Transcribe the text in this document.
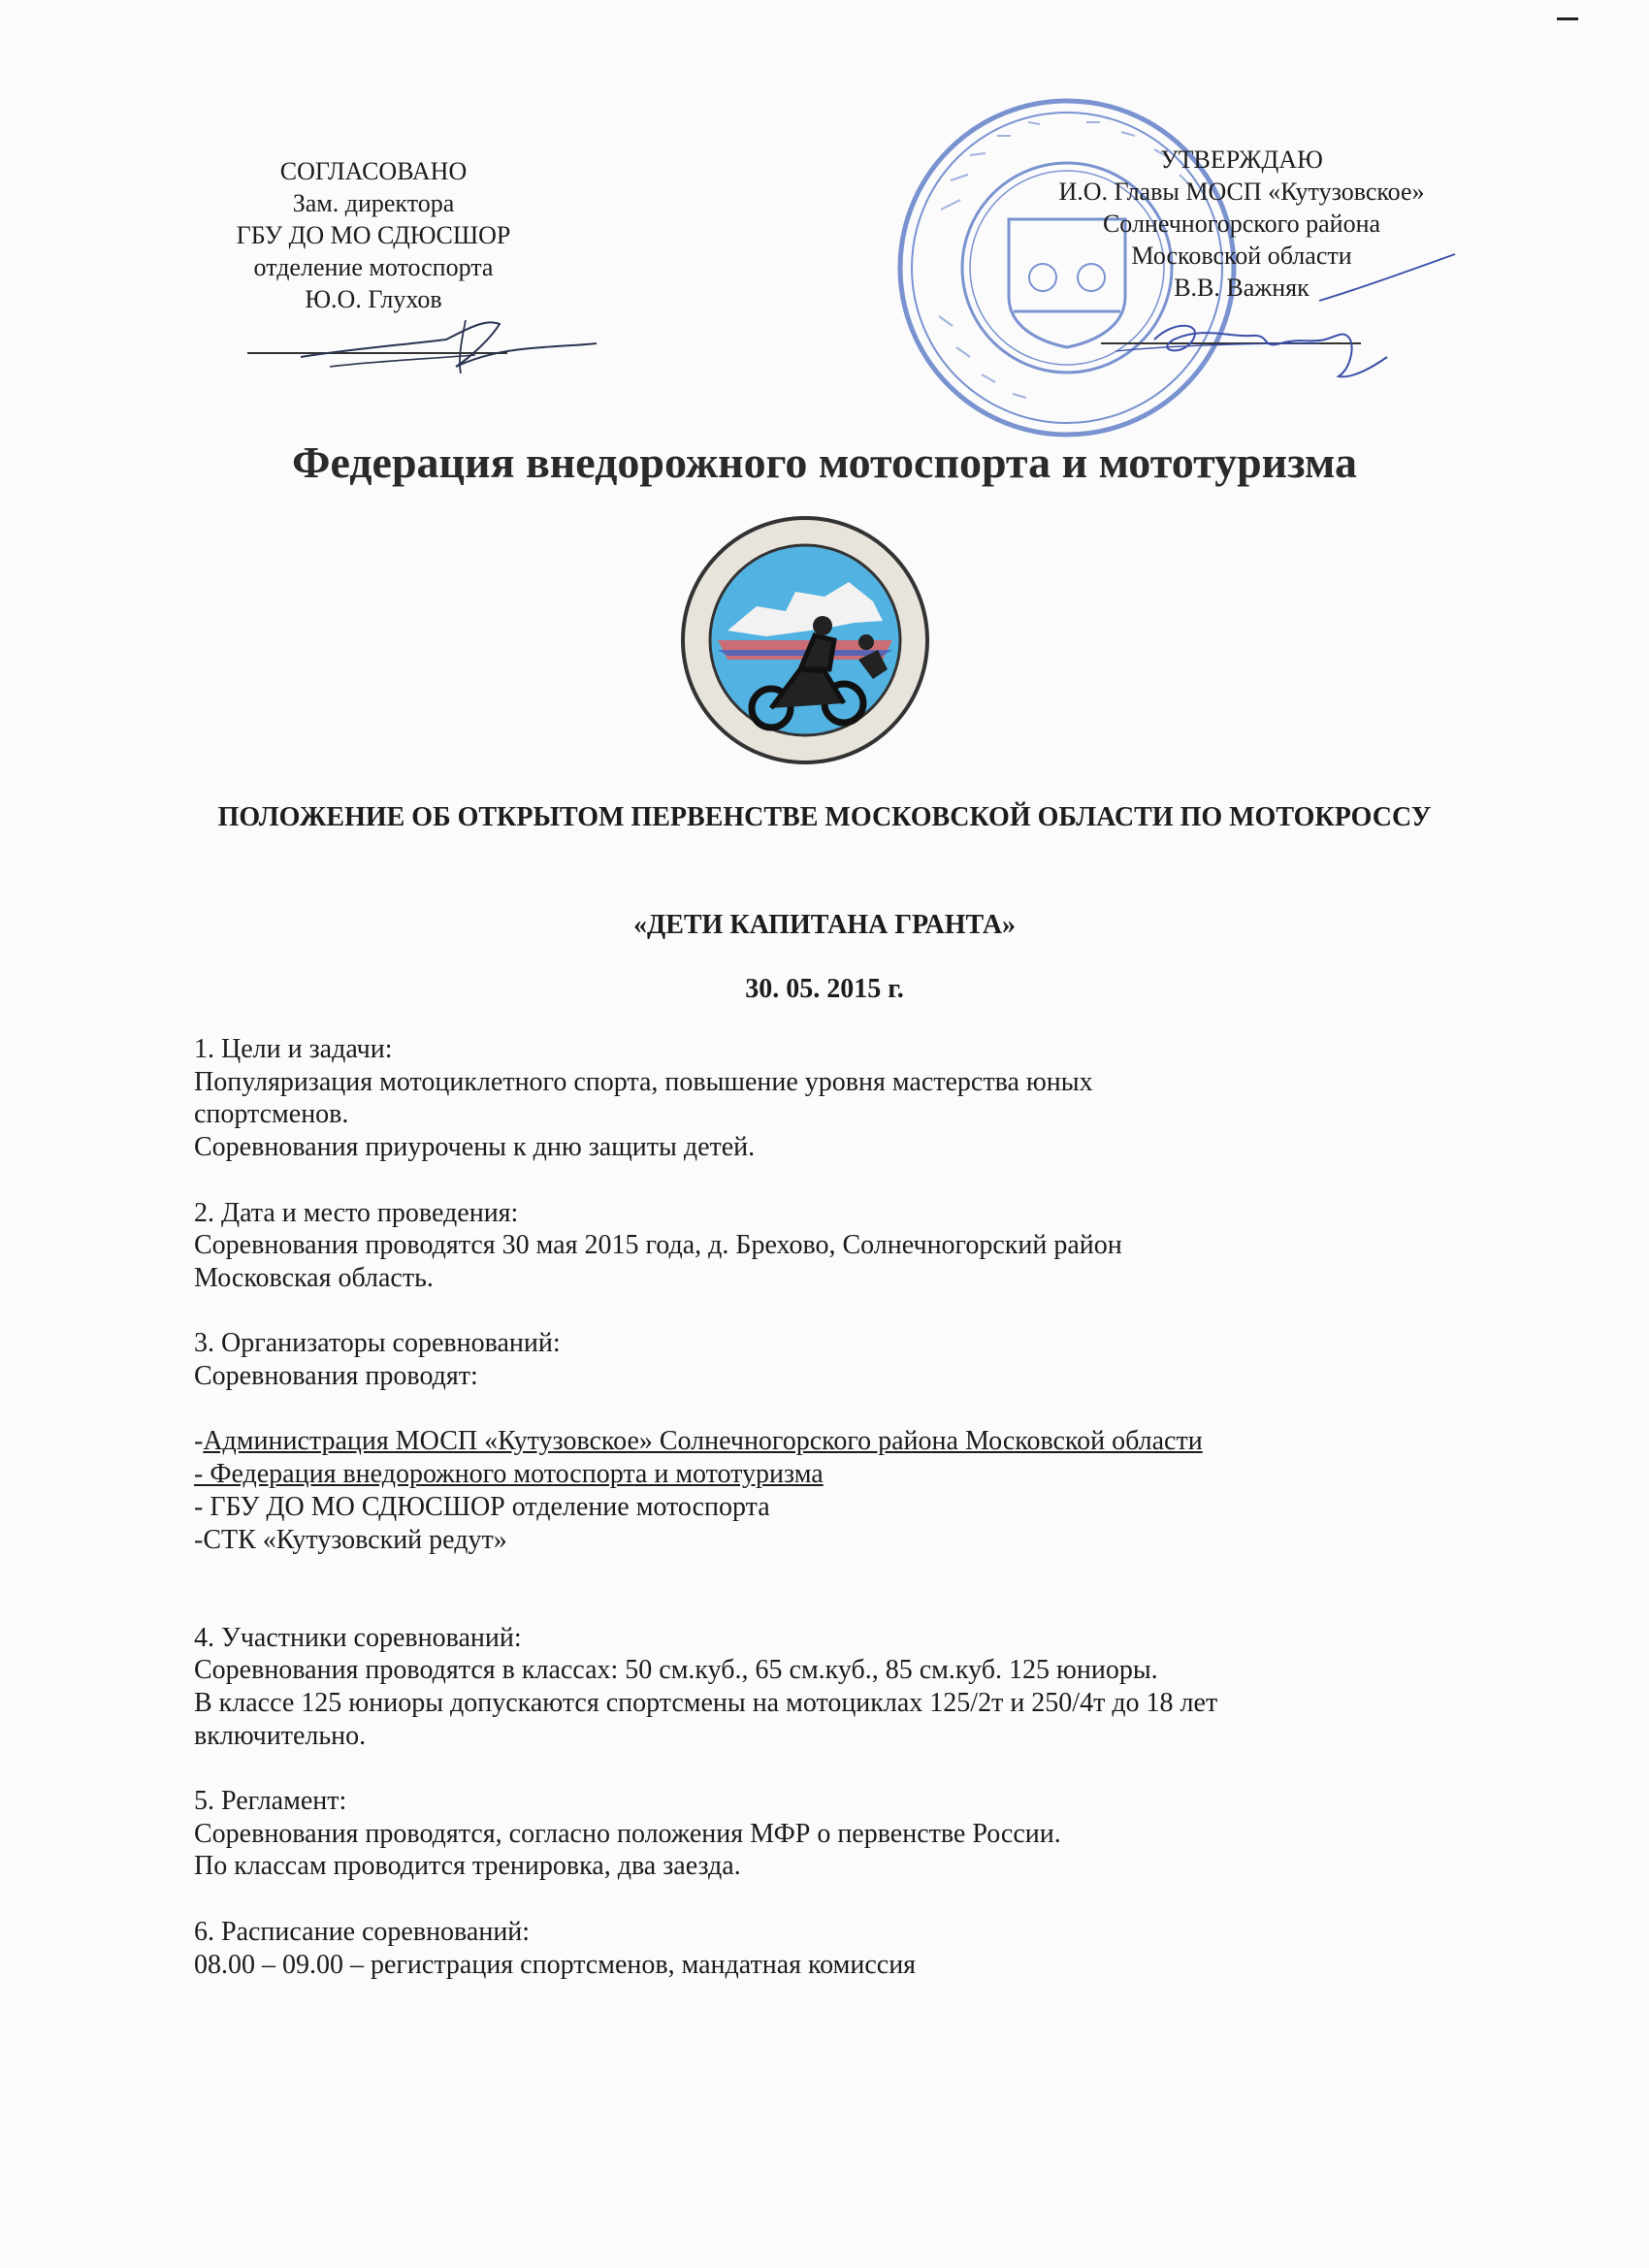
СОГЛАСОВАНО
Зам. директора
ГБУ ДО МО СДЮСШОР
отделение мотоспорта
Ю.О. Глухов
УТВЕРЖДАЮ
И.О. Главы МОСП «Кутузовское»
Солнечногорского района
Московской области
В.В. Важняк
Федерация внедорожного мотоспорта и мототуризма
ПОЛОЖЕНИЕ ОБ ОТКРЫТОМ ПЕРВЕНСТВЕ МОСКОВСКОЙ ОБЛАСТИ ПО МОТОКРОССУ
«ДЕТИ КАПИТАНА ГРАНТА»
30. 05. 2015 г.
1. Цели и задачи:
Популяризация мотоциклетного спорта, повышение уровня мастерства юных
спортсменов.
Соревнования приурочены к дню защиты детей.
2. Дата и место проведения:
Соревнования проводятся 30 мая 2015 года, д. Брехово, Солнечногорский район
Московская область.
3. Организаторы соревнований:
Соревнования проводят:
-Администрация МОСП «Кутузовское» Солнечногорского района Московской области
- Федерация внедорожного мотоспорта и мототуризма
- ГБУ ДО МО СДЮСШОР отделение мотоспорта
-СТК «Кутузовский редут»
4. Участники соревнований:
Соревнования проводятся в классах: 50 см.куб., 65 см.куб., 85 см.куб. 125 юниоры.
В классе 125 юниоры допускаются спортсмены на мотоциклах 125/2т и 250/4т до 18 лет
включительно.
5. Регламент:
Соревнования проводятся, согласно положения МФР о первенстве России.
По классам проводится тренировка, два заезда.
6. Расписание соревнований:
08.00 – 09.00 – регистрация спортсменов, мандатная комиссия
